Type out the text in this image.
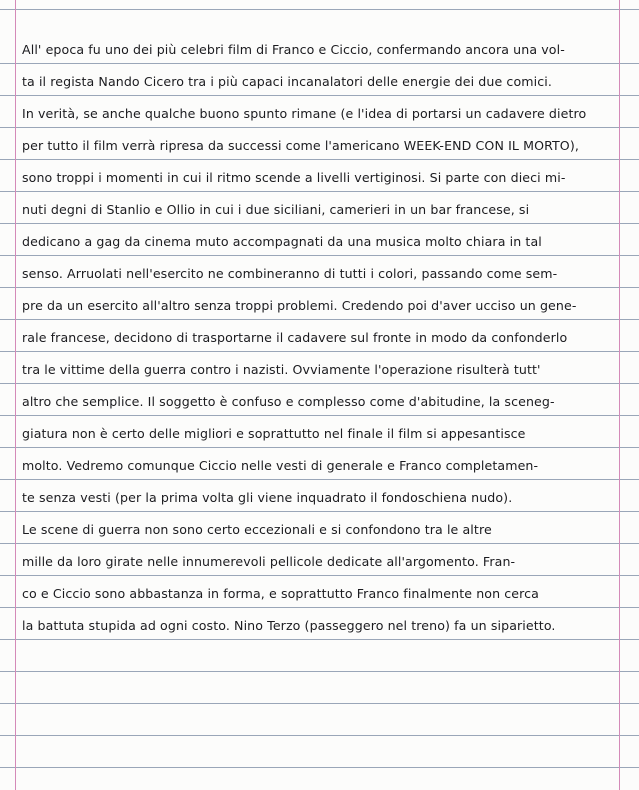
All' epoca fu uno dei più celebri film di Franco e Ciccio, confermando ancora una vol-
ta il regista Nando Cicero tra i più capaci incanalatori delle energie dei due comici.
In verità, se anche qualche buono spunto rimane (e l'idea di portarsi un cadavere dietro
per tutto il film verrà ripresa da successi come l'americano WEEK-END CON IL MORTO),
sono troppi i momenti in cui il ritmo scende a livelli vertiginosi. Si parte con dieci mi-
nuti degni di Stanlio e Ollio in cui i due siciliani, camerieri in un bar francese, si
dedicano a gag da cinema muto accompagnati da una musica molto chiara in tal
senso. Arruolati nell'esercito ne combineranno di tutti i colori, passando come sem-
pre da un esercito all'altro senza troppi problemi. Credendo poi d'aver ucciso un gene-
rale francese, decidono di trasportarne il cadavere sul fronte in modo da confonderlo
tra le vittime della guerra contro i nazisti. Ovviamente l'operazione risulterà tutt'
altro che semplice. Il soggetto è confuso e complesso come d'abitudine, la sceneg-
giatura non è certo delle migliori e soprattutto nel finale il film si appesantisce
molto. Vedremo comunque Ciccio nelle vesti di generale e Franco completamen-
te senza vesti (per la prima volta gli viene inquadrato il fondoschiena nudo).
Le scene di guerra non sono certo eccezionali e si confondono tra le altre
mille da loro girate nelle innumerevoli pellicole dedicate all'argomento. Fran-
co e Ciccio sono abbastanza in forma, e soprattutto Franco finalmente non cerca
la battuta stupida ad ogni costo. Nino Terzo (passeggero nel treno) fa un siparietto.
